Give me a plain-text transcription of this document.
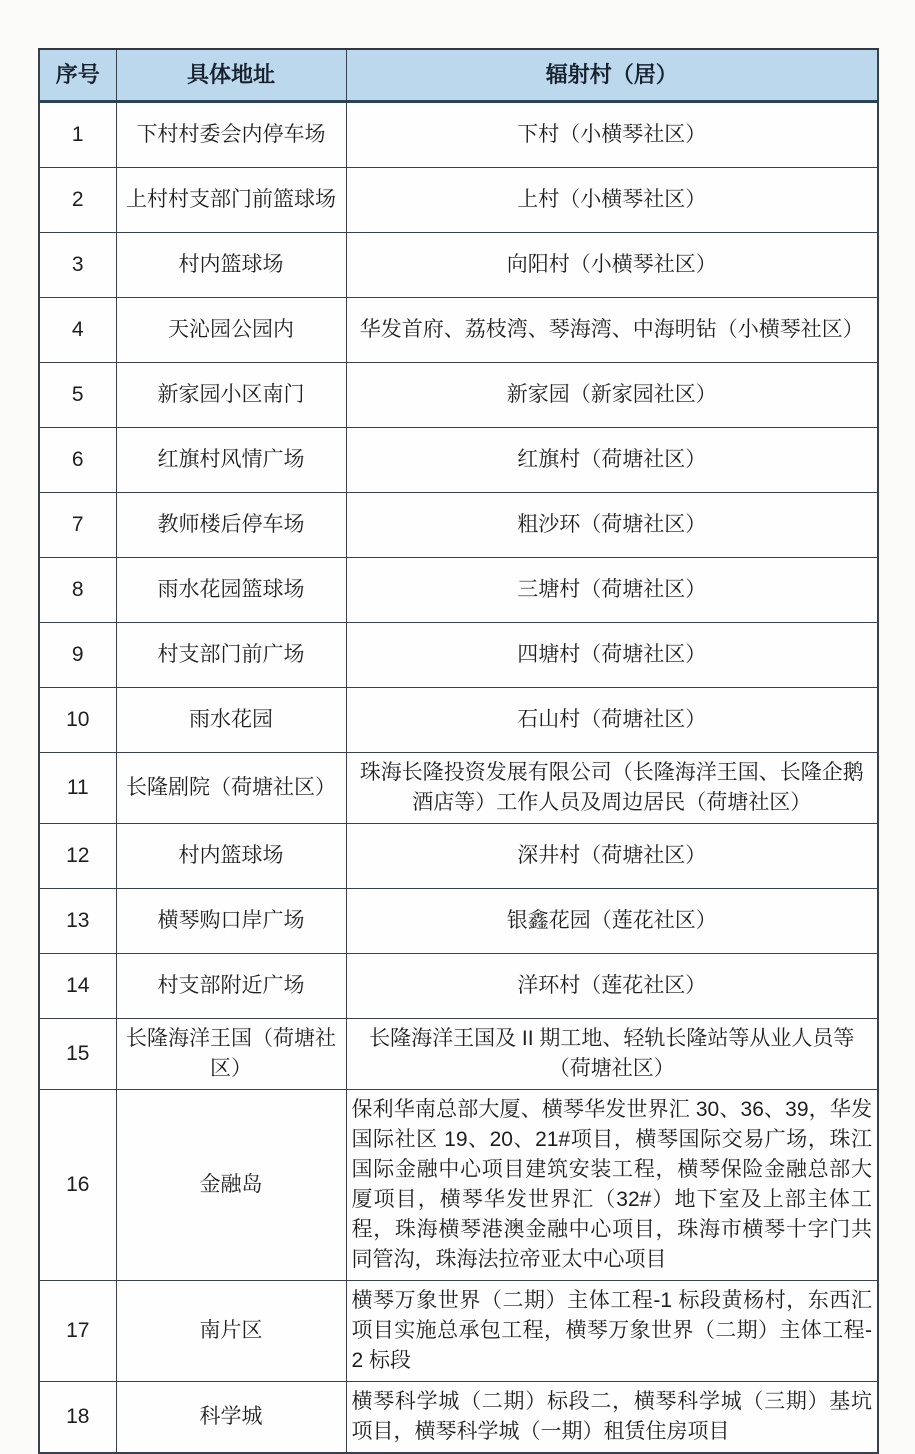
序号	具体地址	辐射村（居）
1	下村村委会内停车场	下村（小横琴社区）
2	上村村支部门前篮球场	上村（小横琴社区）
3	村内篮球场	向阳村（小横琴社区）
4	天沁园公园内	华发首府、荔枝湾、琴海湾、中海明钻（小横琴社区）
5	新家园小区南门	新家园（新家园社区）
6	红旗村风情广场	红旗村（荷塘社区）
7	教师楼后停车场	粗沙环（荷塘社区）
8	雨水花园篮球场	三塘村（荷塘社区）
9	村支部门前广场	四塘村（荷塘社区）
10	雨水花园	石山村（荷塘社区）
11	长隆剧院（荷塘社区）	珠海长隆投资发展有限公司（长隆海洋王国、长隆企鹅酒店等）工作人员及周边居民（荷塘社区）
12	村内篮球场	深井村（荷塘社区）
13	横琴购口岸广场	银鑫花园（莲花社区）
14	村支部附近广场	洋环村（莲花社区）
15	长隆海洋王国（荷塘社区）	长隆海洋王国及 II 期工地、轻轨长隆站等从业人员等（荷塘社区）
16	金融岛	保利华南总部大厦、横琴华发世界汇 30、36、39，华发国际社区 19、20、21#项目，横琴国际交易广场，珠江国际金融中心项目建筑安装工程，横琴保险金融总部大厦项目，横琴华发世界汇（32#）地下室及上部主体工程，珠海横琴港澳金融中心项目，珠海市横琴十字门共同管沟，珠海法拉帝亚太中心项目
17	南片区	横琴万象世界（二期）主体工程-1 标段黄杨村，东西汇项目实施总承包工程，横琴万象世界（二期）主体工程-2 标段
18	科学城	横琴科学城（二期）标段二，横琴科学城（三期）基坑项目，横琴科学城（一期）租赁住房项目
